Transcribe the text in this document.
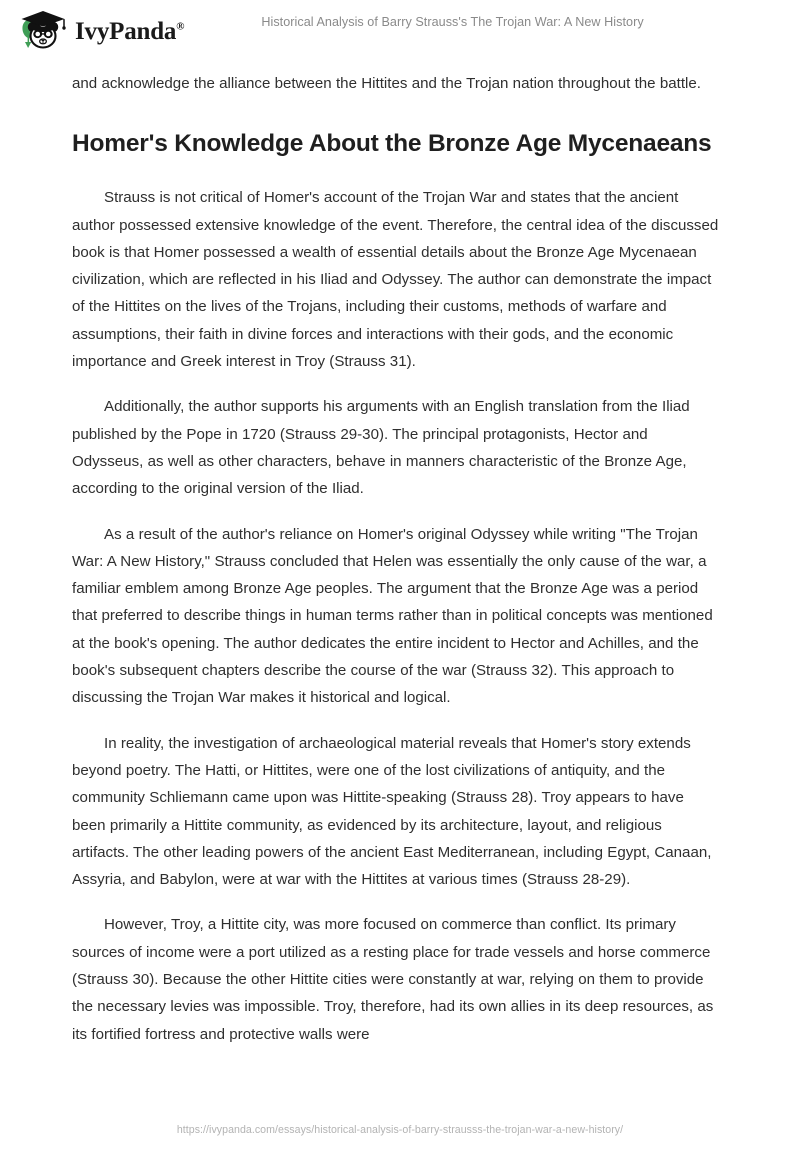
IvyPanda®	Historical Analysis of Barry Strauss's The Trojan War: A New History

and acknowledge the alliance between the Hittites and the Trojan nation throughout the battle.

Homer's Knowledge About the Bronze Age Mycenaeans

Strauss is not critical of Homer's account of the Trojan War and states that the ancient author possessed extensive knowledge of the event. Therefore, the central idea of the discussed book is that Homer possessed a wealth of essential details about the Bronze Age Mycenaean civilization, which are reflected in his Iliad and Odyssey. The author can demonstrate the impact of the Hittites on the lives of the Trojans, including their customs, methods of warfare and assumptions, their faith in divine forces and interactions with their gods, and the economic importance and Greek interest in Troy (Strauss 31).

Additionally, the author supports his arguments with an English translation from the Iliad published by the Pope in 1720 (Strauss 29-30). The principal protagonists, Hector and Odysseus, as well as other characters, behave in manners characteristic of the Bronze Age, according to the original version of the Iliad.

As a result of the author's reliance on Homer's original Odyssey while writing "The Trojan War: A New History," Strauss concluded that Helen was essentially the only cause of the war, a familiar emblem among Bronze Age peoples. The argument that the Bronze Age was a period that preferred to describe things in human terms rather than in political concepts was mentioned at the book's opening. The author dedicates the entire incident to Hector and Achilles, and the book's subsequent chapters describe the course of the war (Strauss 32). This approach to discussing the Trojan War makes it historical and logical.

In reality, the investigation of archaeological material reveals that Homer's story extends beyond poetry. The Hatti, or Hittites, were one of the lost civilizations of antiquity, and the community Schliemann came upon was Hittite-speaking (Strauss 28). Troy appears to have been primarily a Hittite community, as evidenced by its architecture, layout, and religious artifacts. The other leading powers of the ancient East Mediterranean, including Egypt, Canaan, Assyria, and Babylon, were at war with the Hittites at various times (Strauss 28-29).

However, Troy, a Hittite city, was more focused on commerce than conflict. Its primary sources of income were a port utilized as a resting place for trade vessels and horse commerce (Strauss 30). Because the other Hittite cities were constantly at war, relying on them to provide the necessary levies was impossible. Troy, therefore, had its own allies in its deep resources, as its fortified fortress and protective walls were

https://ivypanda.com/essays/historical-analysis-of-barry-strausss-the-trojan-war-a-new-history/
